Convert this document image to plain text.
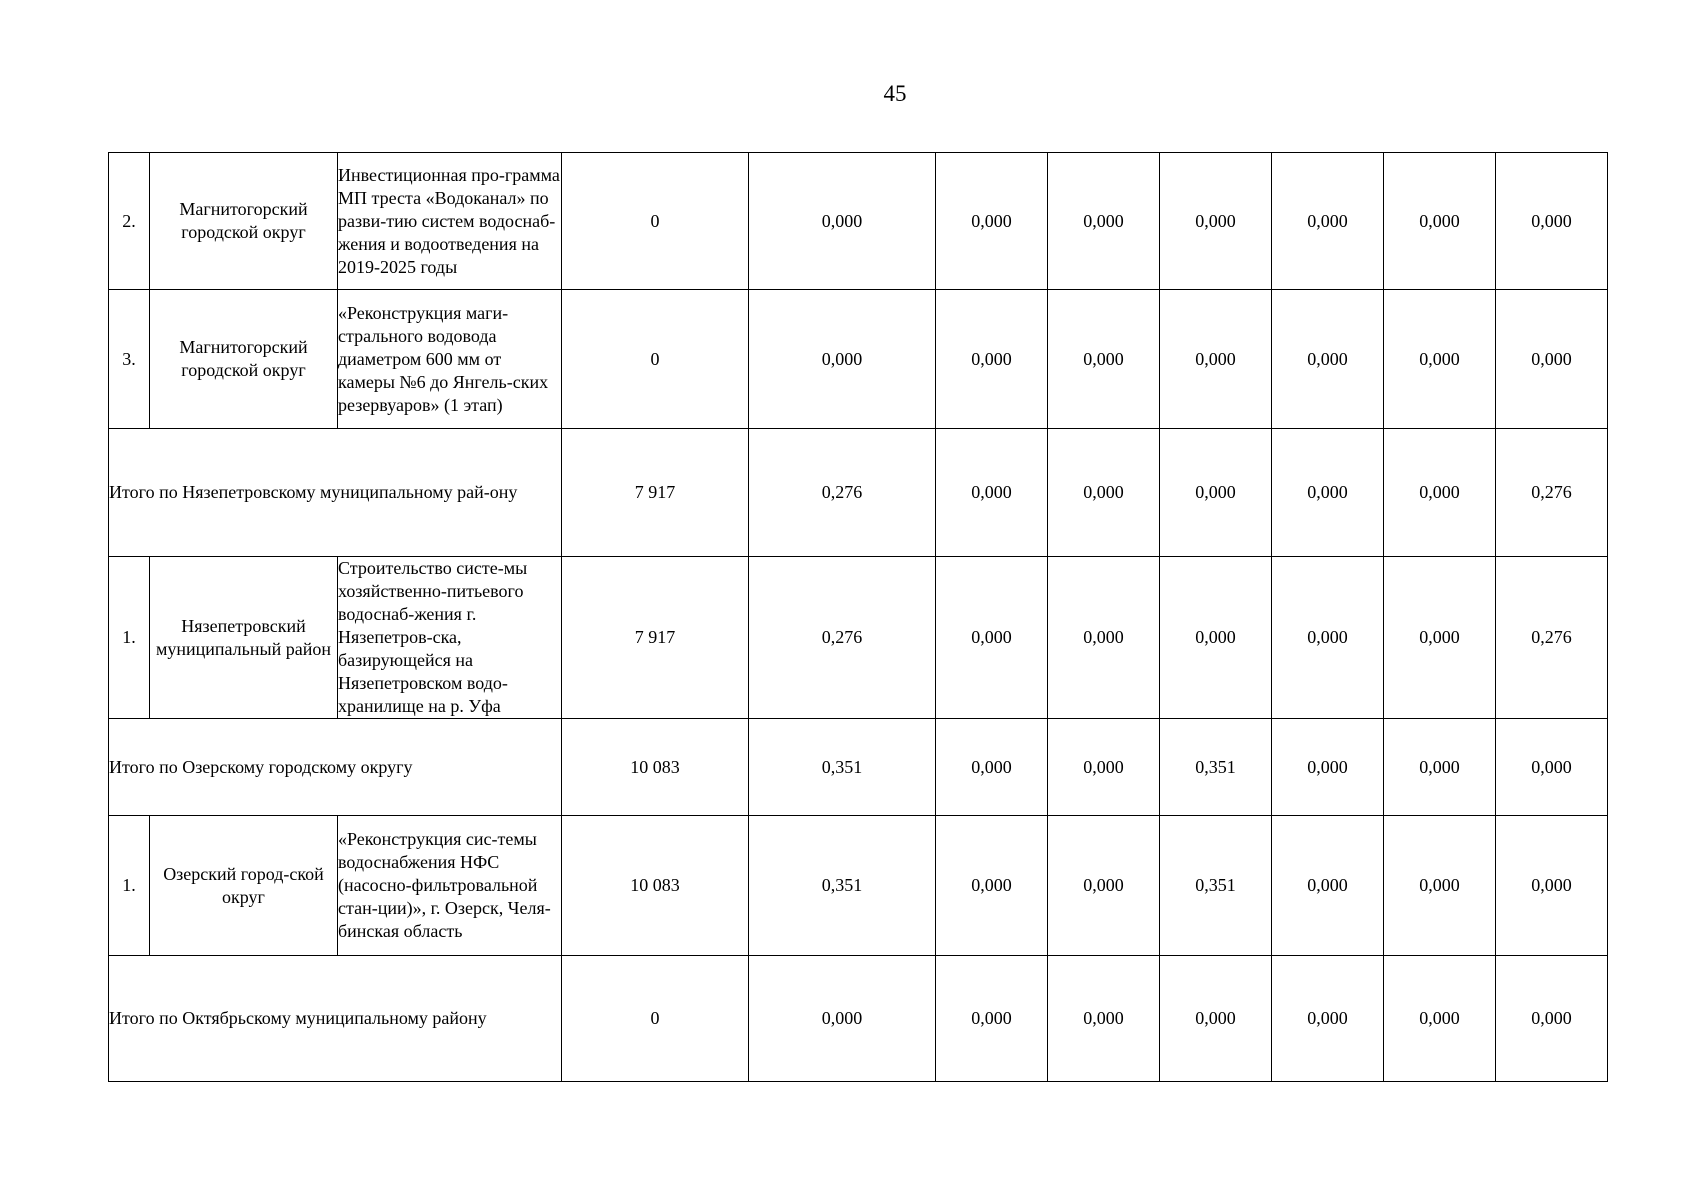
45
2.	Магнитогорский городской округ	Инвестиционная про-грамма МП треста «Водоканал» по разви-тию систем водоснаб-жения и водоотведения на 2019-2025 годы	0	0,000	0,000	0,000	0,000	0,000	0,000	0,000
3.	Магнитогорский городской округ	«Реконструкция маги-стрального водовода диаметром 600 мм от камеры №6 до Янгель-ских резервуаров» (1 этап)	0	0,000	0,000	0,000	0,000	0,000	0,000	0,000
Итого по Нязепетровскому муниципальному рай-ону			7 917	0,276	0,000	0,000	0,000	0,000	0,000	0,276
1.	Нязепетровский муниципальный район	Строительство систе-мы хозяйственно-питьевого водоснаб-жения г. Нязепетров-ска, базирующейся на Нязепетровском водо-хранилище на р. Уфа	7 917	0,276	0,000	0,000	0,000	0,000	0,000	0,276
Итого по Озерскому городскому округу			10 083	0,351	0,000	0,000	0,351	0,000	0,000	0,000
1.	Озерский город-ской округ	«Реконструкция сис-темы водоснабжения НФС (насосно-фильтровальной стан-ции)», г. Озерск, Челя-бинская область	10 083	0,351	0,000	0,000	0,351	0,000	0,000	0,000
Итого по Октябрьскому муниципальному району			0	0,000	0,000	0,000	0,000	0,000	0,000	0,000
